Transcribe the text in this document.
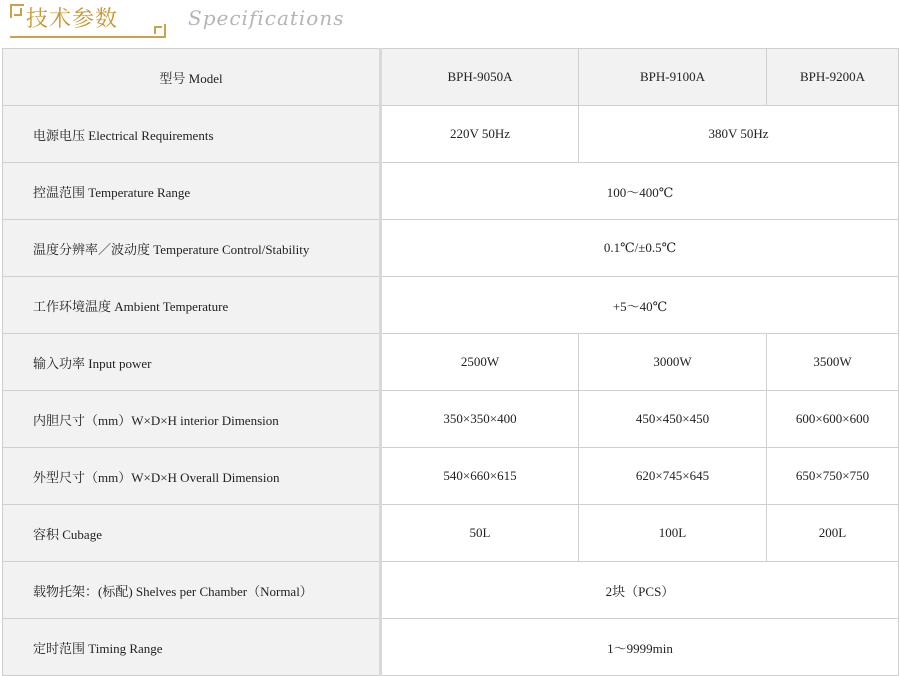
技术参数	Specifications
型号 Model	BPH-9050A	BPH-9100A	BPH-9200A
电源电压 Electrical Requirements	220V 50Hz	380V 50Hz	
控温范围 Temperature Range	100～400℃		
温度分辨率／波动度 Temperature Control/Stability	0.1℃/±0.5℃		
工作环境温度 Ambient Temperature	+5～40℃		
输入功率 Input power	2500W	3000W	3500W
内胆尺寸（mm）W×D×H interior Dimension	350×350×400	450×450×450	600×600×600
外型尺寸（mm）W×D×H Overall Dimension	540×660×615	620×745×645	650×750×750
容积 Cubage	50L	100L	200L
载物托架：(标配) Shelves per Chamber（Normal）	2块（PCS）		
定时范围 Timing Range	1～9999min		
